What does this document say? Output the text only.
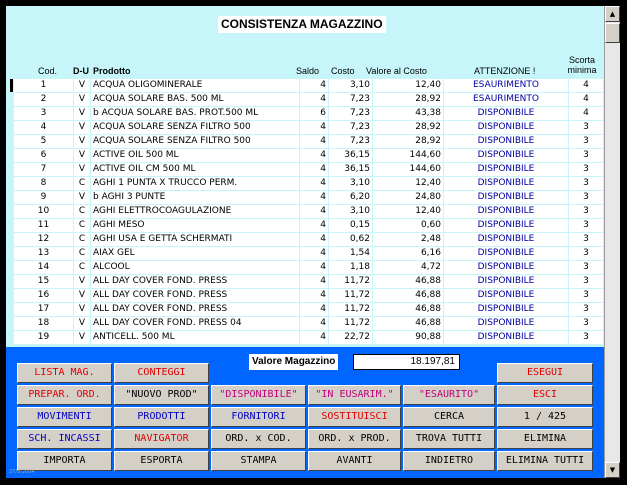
CONSISTENZA MAGAZZINO
Cod. D-U Prodotto	Saldo Costo Valore al Costo	ATTENZIONE !
Scorta
minima
1	V ACQUA OLIGOMINERALE	4	3,10	12,40	ESAURIMENTO	4
2	V ACQUA SOLARE BAS. 500 ML	4	7,23	28,92	ESAURIMENTO	4
3	V b ACQUA SOLARE BAS. PROT.500 ML	6	7,23	43,38	DISPONIBILE	4
4	V ACQUA SOLARE SENZA FILTRO 500	4	7,23	28,92	DISPONIBILE	3
5	V ACQUA SOLARE SENZA FILTRO 500	4	7,23	28,92	DISPONIBILE	3
6	V ACTIVE OIL 500 ML	4	36,15	144,60	DISPONIBILE	3
7	V ACTIVE OIL CM 500 ML	4	36,15	144,60	DISPONIBILE	3
8	C AGHI 1 PUNTA X TRUCCO PERM.	4	3,10	12,40	DISPONIBILE	3
9	V b AGHI 3 PUNTE	4	6,20	24,80	DISPONIBILE	3
10	C AGHI ELETTROCOAGULAZIONE	4	3,10	12,40	DISPONIBILE	3
11	C AGHI MESO	4	0,15	0,60	DISPONIBILE	3
12	C AGHI USA E GETTA SCHERMATI	4	0,62	2,48	DISPONIBILE	3
13	C AIAX GEL	4	1,54	6,16	DISPONIBILE	3
14	C ALCOOL	4	1,18	4,72	DISPONIBILE	3
15	V ALL DAY COVER FOND. PRESS	4	11,72	46,88	DISPONIBILE	3
16	V ALL DAY COVER FOND. PRESS	4	11,72	46,88	DISPONIBILE	3
17	V ALL DAY COVER FOND. PRESS	4	11,72	46,88	DISPONIBILE	3
18	V ALL DAY COVER FOND. PRESS 04	4	11,72	46,88	DISPONIBILE	3
19	V ANTICELL. 500 ML	4	22,72	90,88	DISPONIBILE	3
Valore Magazzino	18.197,81
LISTA MAG.	CONTEGGI	ESEGUI
PREPAR. ORD.	"NUOVO PROD"	"DISPONIBILE"	"IN EUSARIM."	"ESAURITO"	ESCI
MOVIMENTI	PRODOTTI	FORNITORI	SOSTITUISCI	CERCA	1 / 425
SCH. INCASSI	NAVIGATOR	ORD. x COD.	ORD. x PROD.	TROVA TUTTI	ELIMINA
IMPORTA	ESPORTA	STAMPA	AVANTI	INDIETRO	ELIMINA TUTTI
27/3/2004
▲
▼
